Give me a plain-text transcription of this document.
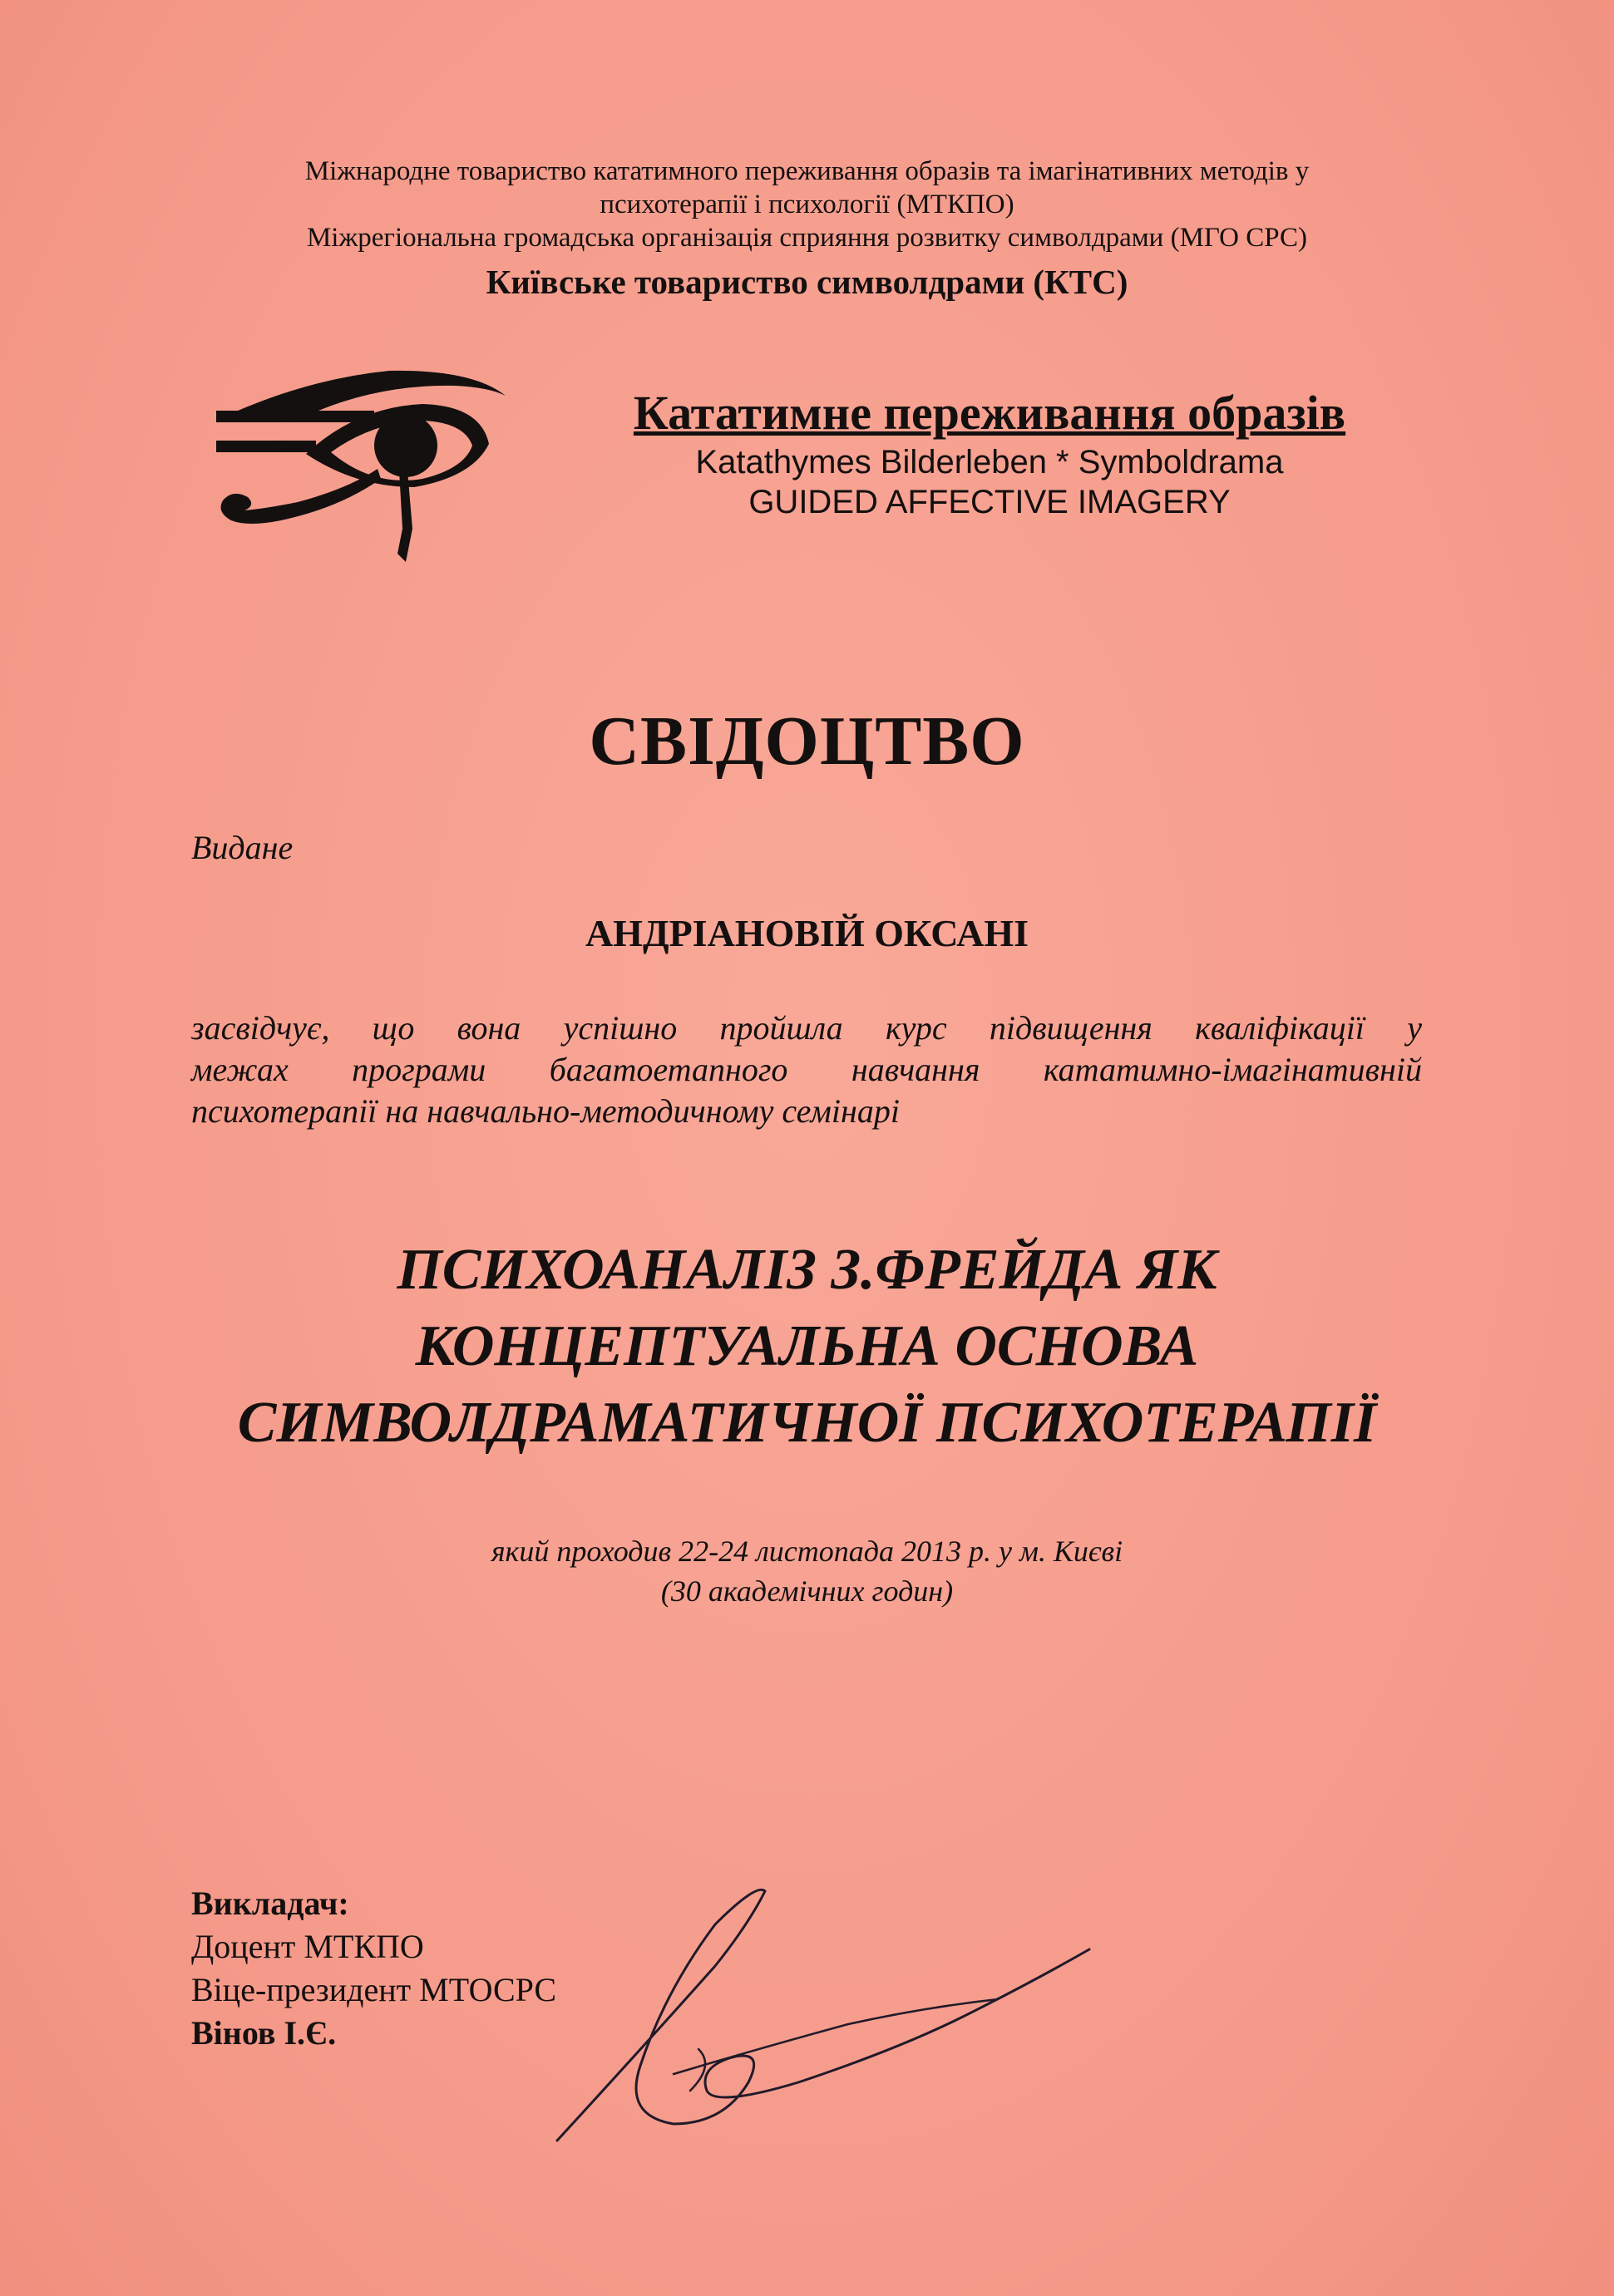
Міжнародне товариство кататимного переживання образів та імагінативних методів у
психотерапії і психології (МТКПО)
Міжрегіональна громадська організація сприяння розвитку символдрами (МГО СРС)
Київське товариство символдрами (КТС)
Кататимне переживання образів
Katathymes Bilderleben * Symboldrama
GUIDED AFFECTIVE IMAGERY
СВІДОЦТВО
Видане
АНДРІАНОВІЙ ОКСАНІ
засвідчує, що вона успішно пройшла курс підвищення кваліфікації у
межах програми багатоетапного навчання кататимно-імагінативній
психотерапії на навчально-методичному семінарі
ПСИХОАНАЛІЗ З.ФРЕЙДА ЯК
КОНЦЕПТУАЛЬНА ОСНОВА
СИМВОЛДРАМАТИЧНОЇ ПСИХОТЕРАПІЇ
який проходив 22-24 листопада 2013 р. у м. Києві
(30 академічних годин)
Викладач:
Доцент МТКПО
Віце-президент МТОСРС
Вінов І.Є.
